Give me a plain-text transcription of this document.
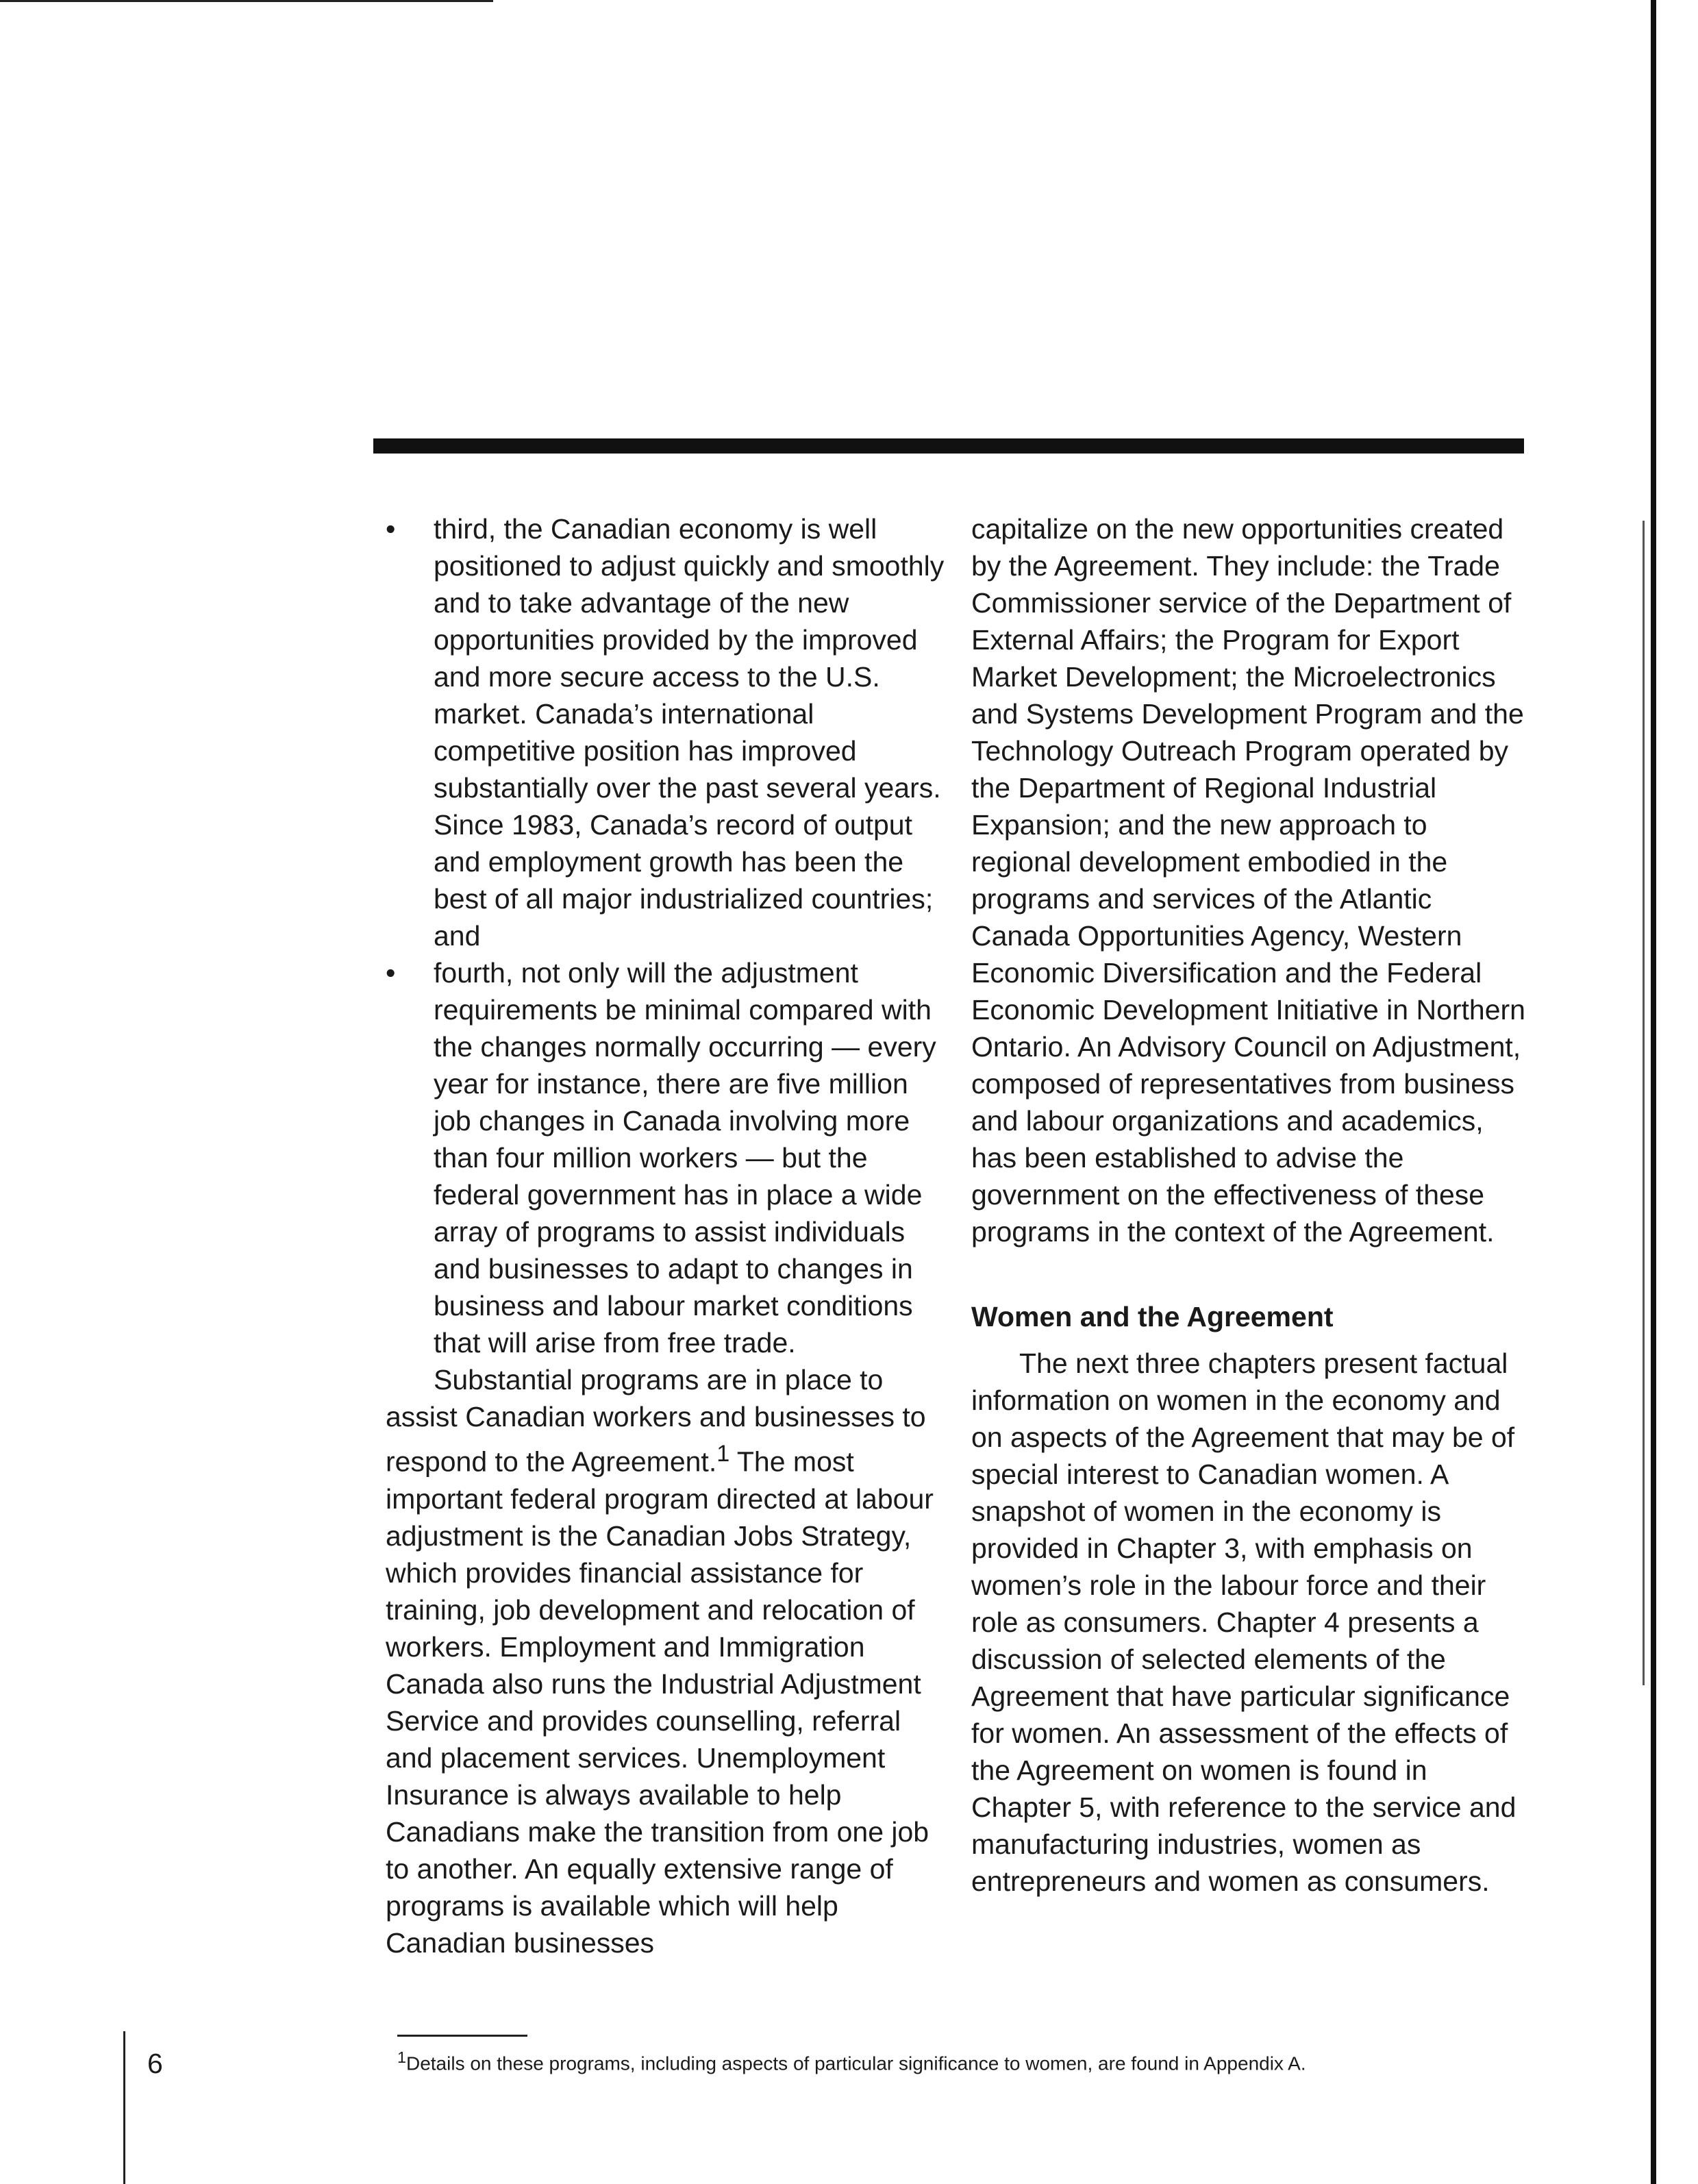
•	third, the Canadian economy is well positioned to adjust quickly and smoothly and to take advantage of the new opportunities provided by the improved and more secure access to the U.S. market. Canada’s international competitive position has improved substantially over the past several years. Since 1983, Canada’s record of output and employment growth has been the best of all major industrialized countries; and

•	fourth, not only will the adjustment requirements be minimal compared with the changes normally occurring — every year for instance, there are five million job changes in Canada involving more than four million workers — but the federal government has in place a wide array of programs to assist individuals and businesses to adapt to changes in business and labour market conditions that will arise from free trade.

Substantial programs are in place to assist Canadian workers and businesses to respond to the Agreement.$^1$ The most important federal program directed at labour adjustment is the Canadian Jobs Strategy, which provides financial assistance for training, job development and relocation of workers. Employment and Immigration Canada also runs the Industrial Adjustment Service and provides counselling, referral and placement services. Unemployment Insurance is always available to help Canadians make the transition from one job to another. An equally extensive range of programs is available which will help Canadian businesses

capitalize on the new opportunities created by the Agreement. They include: the Trade Commissioner service of the Department of External Affairs; the Program for Export Market Development; the Microelectronics and Systems Development Program and the Technology Outreach Program operated by the Department of Regional Industrial Expansion; and the new approach to regional development embodied in the programs and services of the Atlantic Canada Opportunities Agency, Western Economic Diversification and the Federal Economic Development Initiative in Northern Ontario. An Advisory Council on Adjustment, composed of representatives from business and labour organizations and academics, has been established to advise the government on the effectiveness of these programs in the context of the Agreement.

Women and the Agreement

The next three chapters present factual information on women in the economy and on aspects of the Agreement that may be of special interest to Canadian women. A snapshot of women in the economy is provided in Chapter 3, with emphasis on women’s role in the labour force and their role as consumers. Chapter 4 presents a discussion of selected elements of the Agreement that have particular significance for women. An assessment of the effects of the Agreement on women is found in Chapter 5, with reference to the service and manufacturing industries, women as entrepreneurs and women as consumers.

6	$^1$Details on these programs, including aspects of particular significance to women, are found in Appendix A.
